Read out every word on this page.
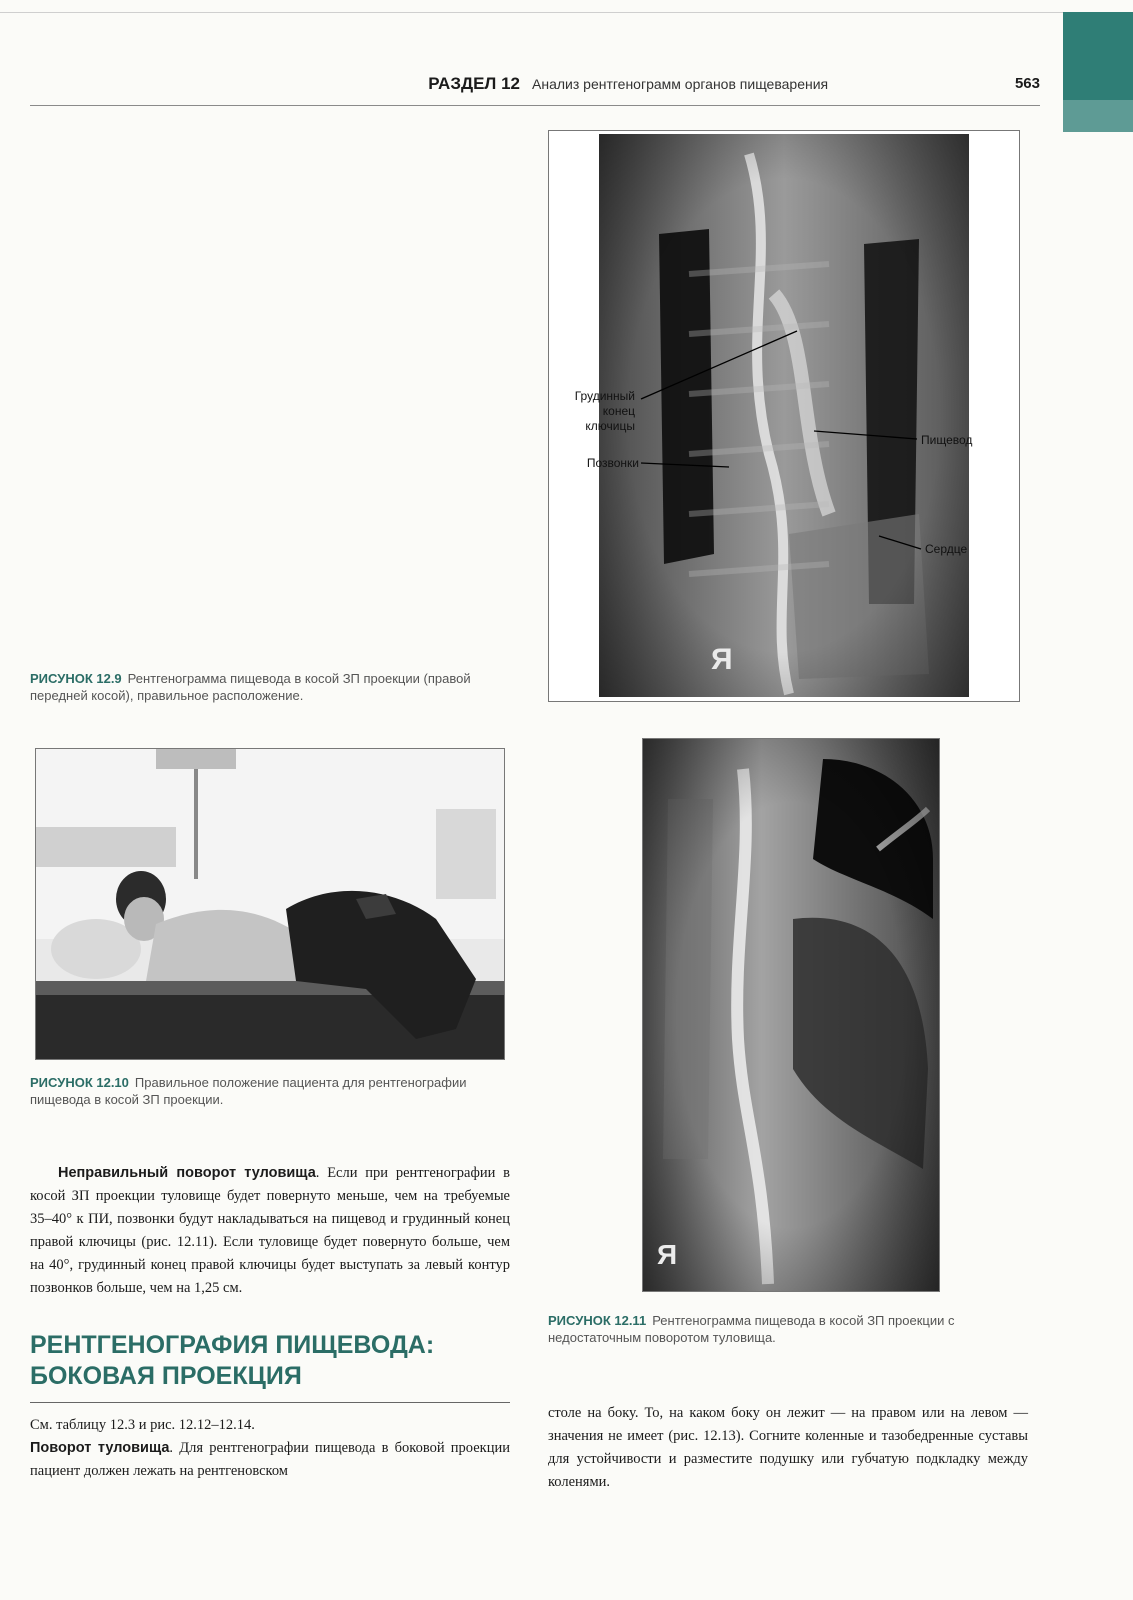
РАЗДЕЛ 12 Анализ рентгенограмм органов пищеварения	563
Я
Грудинный конец ключицы
Позвонки
Пищевод
Сердце
РИСУНОК 12.9 Рентгенограмма пищевода в косой ЗП проекции (правой передней косой), правильное расположение.
РИСУНОК 12.10 Правильное положение пациента для рентгенографии пищевода в косой ЗП проекции.
Я
РИСУНОК 12.11 Рентгенограмма пищевода в косой ЗП проекции с недостаточным поворотом туловища.
Неправильный поворот туловища. Если при рентгенографии в косой ЗП проекции туловище будет повернуто меньше, чем на требуемые 35–40° к ПИ, позвонки будут накладываться на пищевод и грудинный конец правой ключицы (рис. 12.11). Если туловище будет повернуто больше, чем на 40°, грудинный конец правой ключицы будет выступать за левый контур позвонков больше, чем на 1,25 см.
РЕНТГЕНОГРАФИЯ ПИЩЕВОДА: БОКОВАЯ ПРОЕКЦИЯ
См. таблицу 12.3 и рис. 12.12–12.14.
Поворот туловища. Для рентгенографии пищевода в боковой проекции пациент должен лежать на рентгеновском
столе на боку. То, на каком боку он лежит — на правом или на левом — значения не имеет (рис. 12.13). Согните коленные и тазобедренные суставы для устойчивости и разместите подушку или губчатую подкладку между коленями.
